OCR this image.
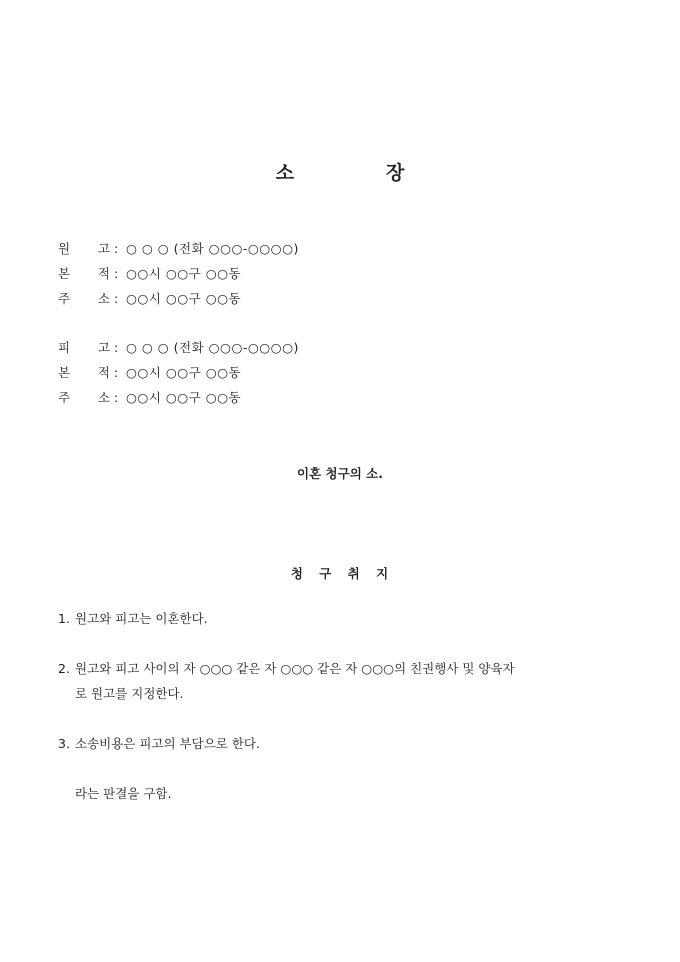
소	장
원 고 : ○ ○ ○ (전화 ○○○-○○○○)
본 적 : ○○시 ○○구 ○○동
주 소 : ○○시 ○○구 ○○동
피 고 : ○ ○ ○ (전화 ○○○-○○○○)
본 적 : ○○시 ○○구 ○○동
주 소 : ○○시 ○○구 ○○동
이혼 청구의 소.
청 구 취 지
1. 원고와 피고는 이혼한다.
2. 원고와 피고 사이의 자 ○○○ 같은 자 ○○○ 같은 자 ○○○의 친권행사 및 양육자
로 원고를 지정한다.
3. 소송비용은 피고의 부담으로 한다.
라는 판결을 구함.
